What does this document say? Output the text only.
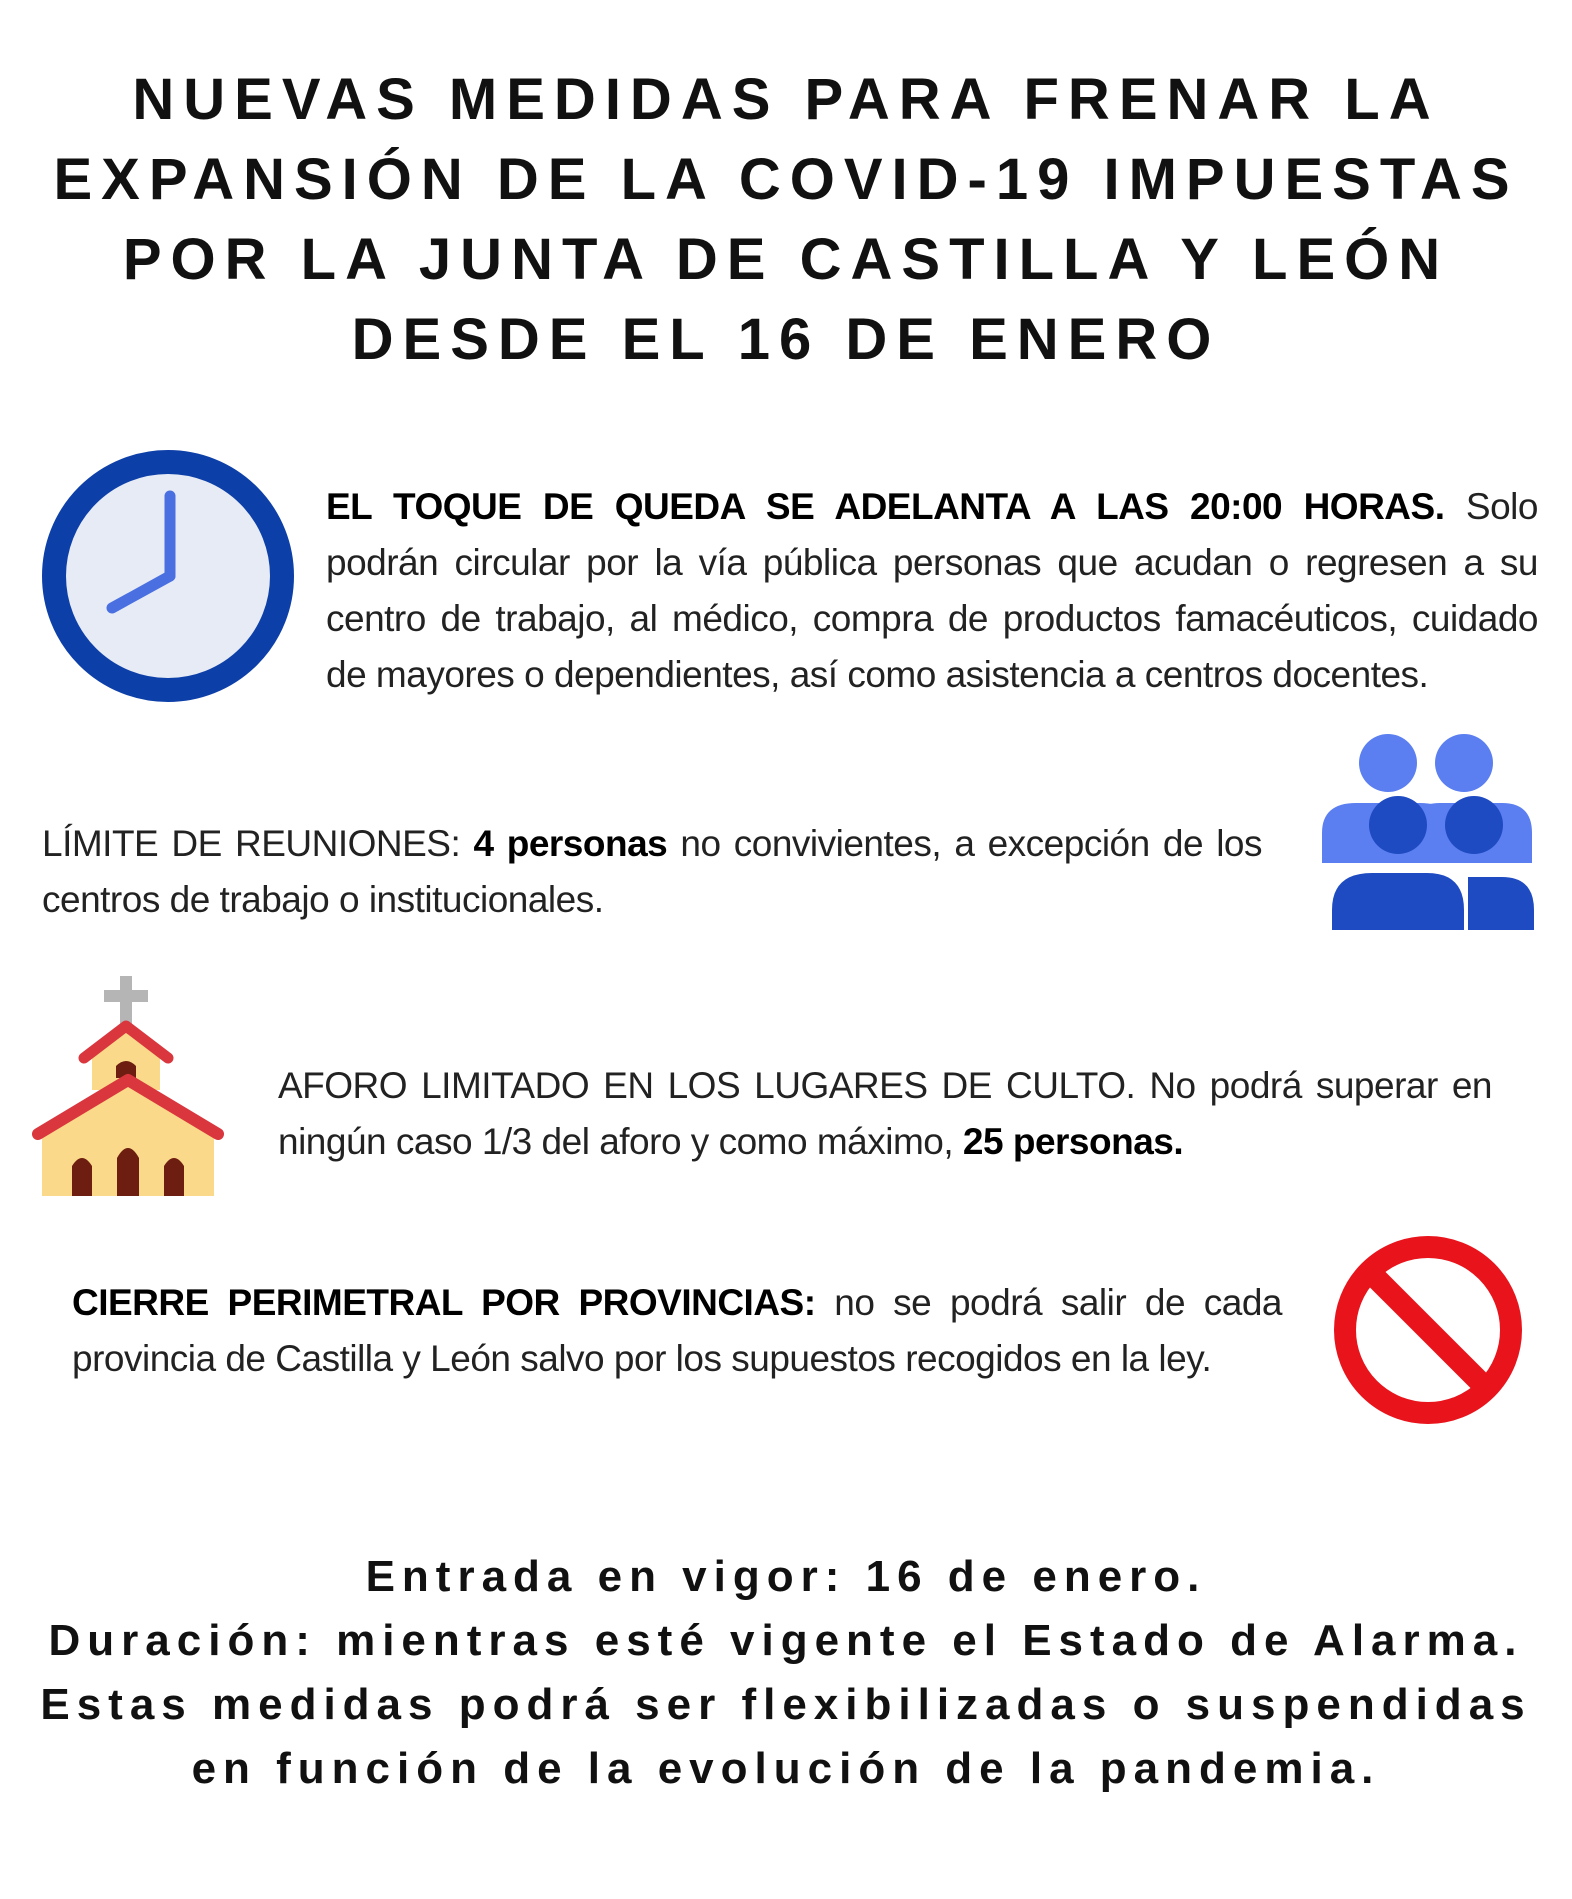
NUEVAS MEDIDAS PARA FRENAR LA
EXPANSIÓN DE LA COVID-19 IMPUESTAS
POR LA JUNTA DE CASTILLA Y LEÓN
DESDE EL 16 DE ENERO
EL TOQUE DE QUEDA SE ADELANTA A LAS 20:00 HORAS. Solo podrán circular por la vía pública personas que acudan o regresen a su centro de trabajo, al médico, compra de productos famacéuticos, cuidado de mayores o dependientes, así como asistencia a centros docentes.
LÍMITE DE REUNIONES: 4 personas no convivientes, a excepción de los centros de trabajo o institucionales.
AFORO LIMITADO EN LOS LUGARES DE CULTO. No podrá superar en ningún caso 1/3 del aforo y como máximo, 25 personas.
CIERRE PERIMETRAL POR PROVINCIAS: no se podrá salir de cada provincia de Castilla y León salvo por los supuestos recogidos en la ley.
Entrada en vigor: 16 de enero.
Duración: mientras esté vigente el Estado de Alarma.
Estas medidas podrá ser flexibilizadas o suspendidas
en función de la evolución de la pandemia.
